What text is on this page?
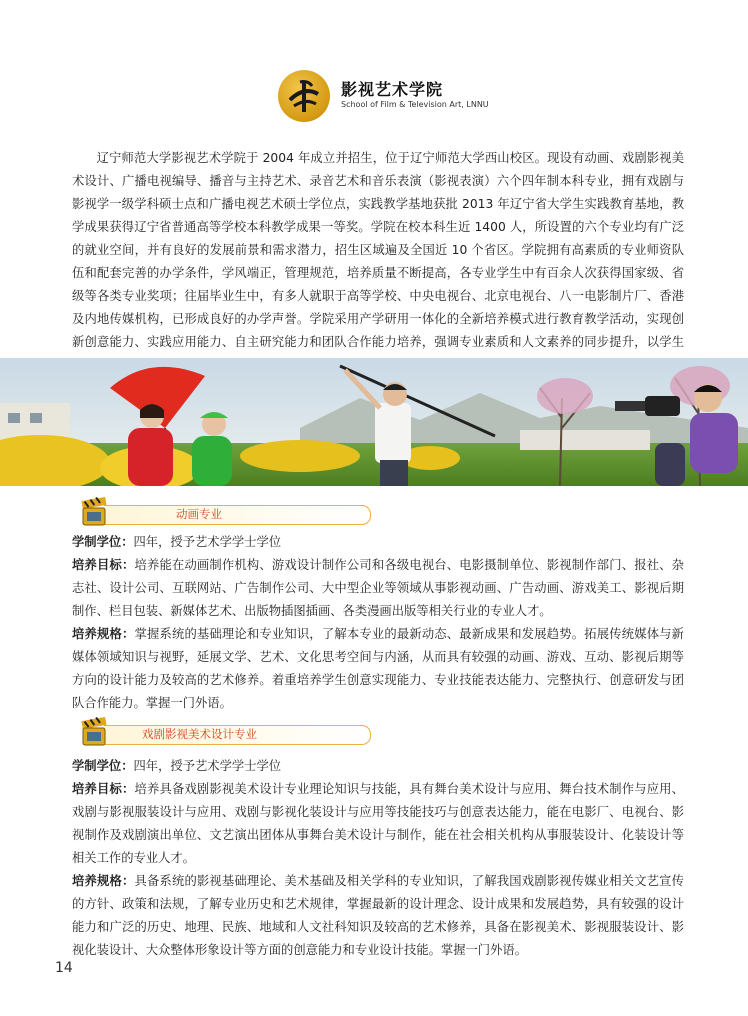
影视艺术学院
School of Film & Television Art, LNNU

辽宁师范大学影视艺术学院于 2004 年成立并招生，位于辽宁师范大学西山校区。现设有动画、戏剧影视美术设计、广播电视编导、播音与主持艺术、录音艺术和音乐表演（影视表演）六个四年制本科专业，拥有戏剧与影视学一级学科硕士点和广播电视艺术硕士学位点，实践教学基地获批 2013 年辽宁省大学生实践教育基地，教学成果获得辽宁省普通高等学校本科教学成果一等奖。学院在校本科生近 1400 人，所设置的六个专业均有广泛的就业空间，并有良好的发展前景和需求潜力，招生区域遍及全国近 10 个省区。学院拥有高素质的专业师资队伍和配套完善的办学条件，学风端正，管理规范，培养质量不断提高，各专业学生中有百余人次获得国家级、省级等各类专业奖项；往届毕业生中，有多人就职于高等学校、中央电视台、北京电视台、八一电影制片厂、香港及内地传媒机构，已形成良好的办学声誉。学院采用产学研用一体化的全新培养模式进行教育教学活动，实现创新创意能力、实践应用能力、自主研究能力和团队合作能力培养，强调专业素质和人文素养的同步提升，以学生

动画专业

学制学位：四年，授予艺术学学士学位

培养目标：培养能在动画制作机构、游戏设计制作公司和各级电视台、电影摄制单位、影视制作部门、报社、杂志社、设计公司、互联网站、广告制作公司、大中型企业等领域从事影视动画、广告动画、游戏美工、影视后期制作、栏目包装、新媒体艺术、出版物插图插画、各类漫画出版等相关行业的专业人才。

培养规格：掌握系统的基础理论和专业知识，了解本专业的最新动态、最新成果和发展趋势。拓展传统媒体与新媒体领域知识与视野，延展文学、艺术、文化思考空间与内涵，从而具有较强的动画、游戏、互动、影视后期等方向的设计能力及较高的艺术修养。着重培养学生创意实现能力、专业技能表达能力、完整执行、创意研发与团队合作能力。掌握一门外语。

戏剧影视美术设计专业

学制学位：四年，授予艺术学学士学位

培养目标：培养具备戏剧影视美术设计专业理论知识与技能，具有舞台美术设计与应用、舞台技术制作与应用、戏剧与影视服装设计与应用、戏剧与影视化装设计与应用等技能技巧与创意表达能力，能在电影厂、电视台、影视制作及戏剧演出单位、文艺演出团体从事舞台美术设计与制作，能在社会相关机构从事服装设计、化装设计等相关工作的专业人才。

培养规格：具备系统的影视基础理论、美术基础及相关学科的专业知识，了解我国戏剧影视传媒业相关文艺宣传的方针、政策和法规，了解专业历史和艺术规律，掌握最新的设计理念、设计成果和发展趋势，具有较强的设计能力和广泛的历史、地理、民族、地域和人文社科知识及较高的艺术修养，具备在影视美术、影视服装设计、影视化装设计、大众整体形象设计等方面的创意能力和专业设计技能。掌握一门外语。

14
